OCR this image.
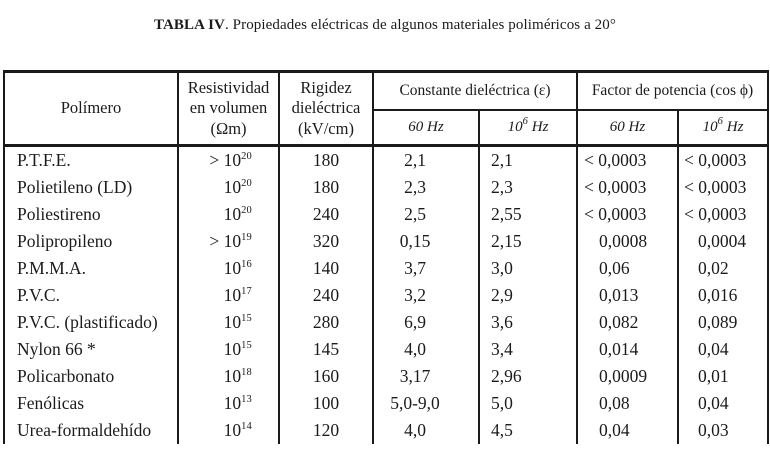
TABLA IV. Propiedades eléctricas de algunos materiales poliméricos a 20°
Polímero	Resistividad en volumen (Ωm)	Rigidez dieléctrica (kV/cm)	Constante dieléctrica (ε)		Factor de potencia (cos ϕ)	
			60 Hz	$10^6$ Hz	60 Hz	$10^6$ Hz
P.T.F.E.	> $10^{20}$	180	2,1	2,1	< 0,0003	< 0,0003
Polietileno (LD)	$10^{20}$	180	2,3	2,3	< 0,0003	< 0,0003
Poliestireno	$10^{20}$	240	2,5	2,55	< 0,0003	< 0,0003
Polipropileno	> $10^{19}$	320	0,15	2,15	0,0008	0,0004
P.M.M.A.	$10^{16}$	140	3,7	3,0	0,06	0,02
P.V.C.	$10^{17}$	240	3,2	2,9	0,013	0,016
P.V.C. (plastificado)	$10^{15}$	280	6,9	3,6	0,082	0,089
Nylon 66 *	$10^{15}$	145	4,0	3,4	0,014	0,04
Policarbonato	$10^{18}$	160	3,17	2,96	0,0009	0,01
Fenólicas	$10^{13}$	100	5,0-9,0	5,0	0,08	0,04
Urea-formaldehído	$10^{14}$	120	4,0	4,5	0,04	0,03
